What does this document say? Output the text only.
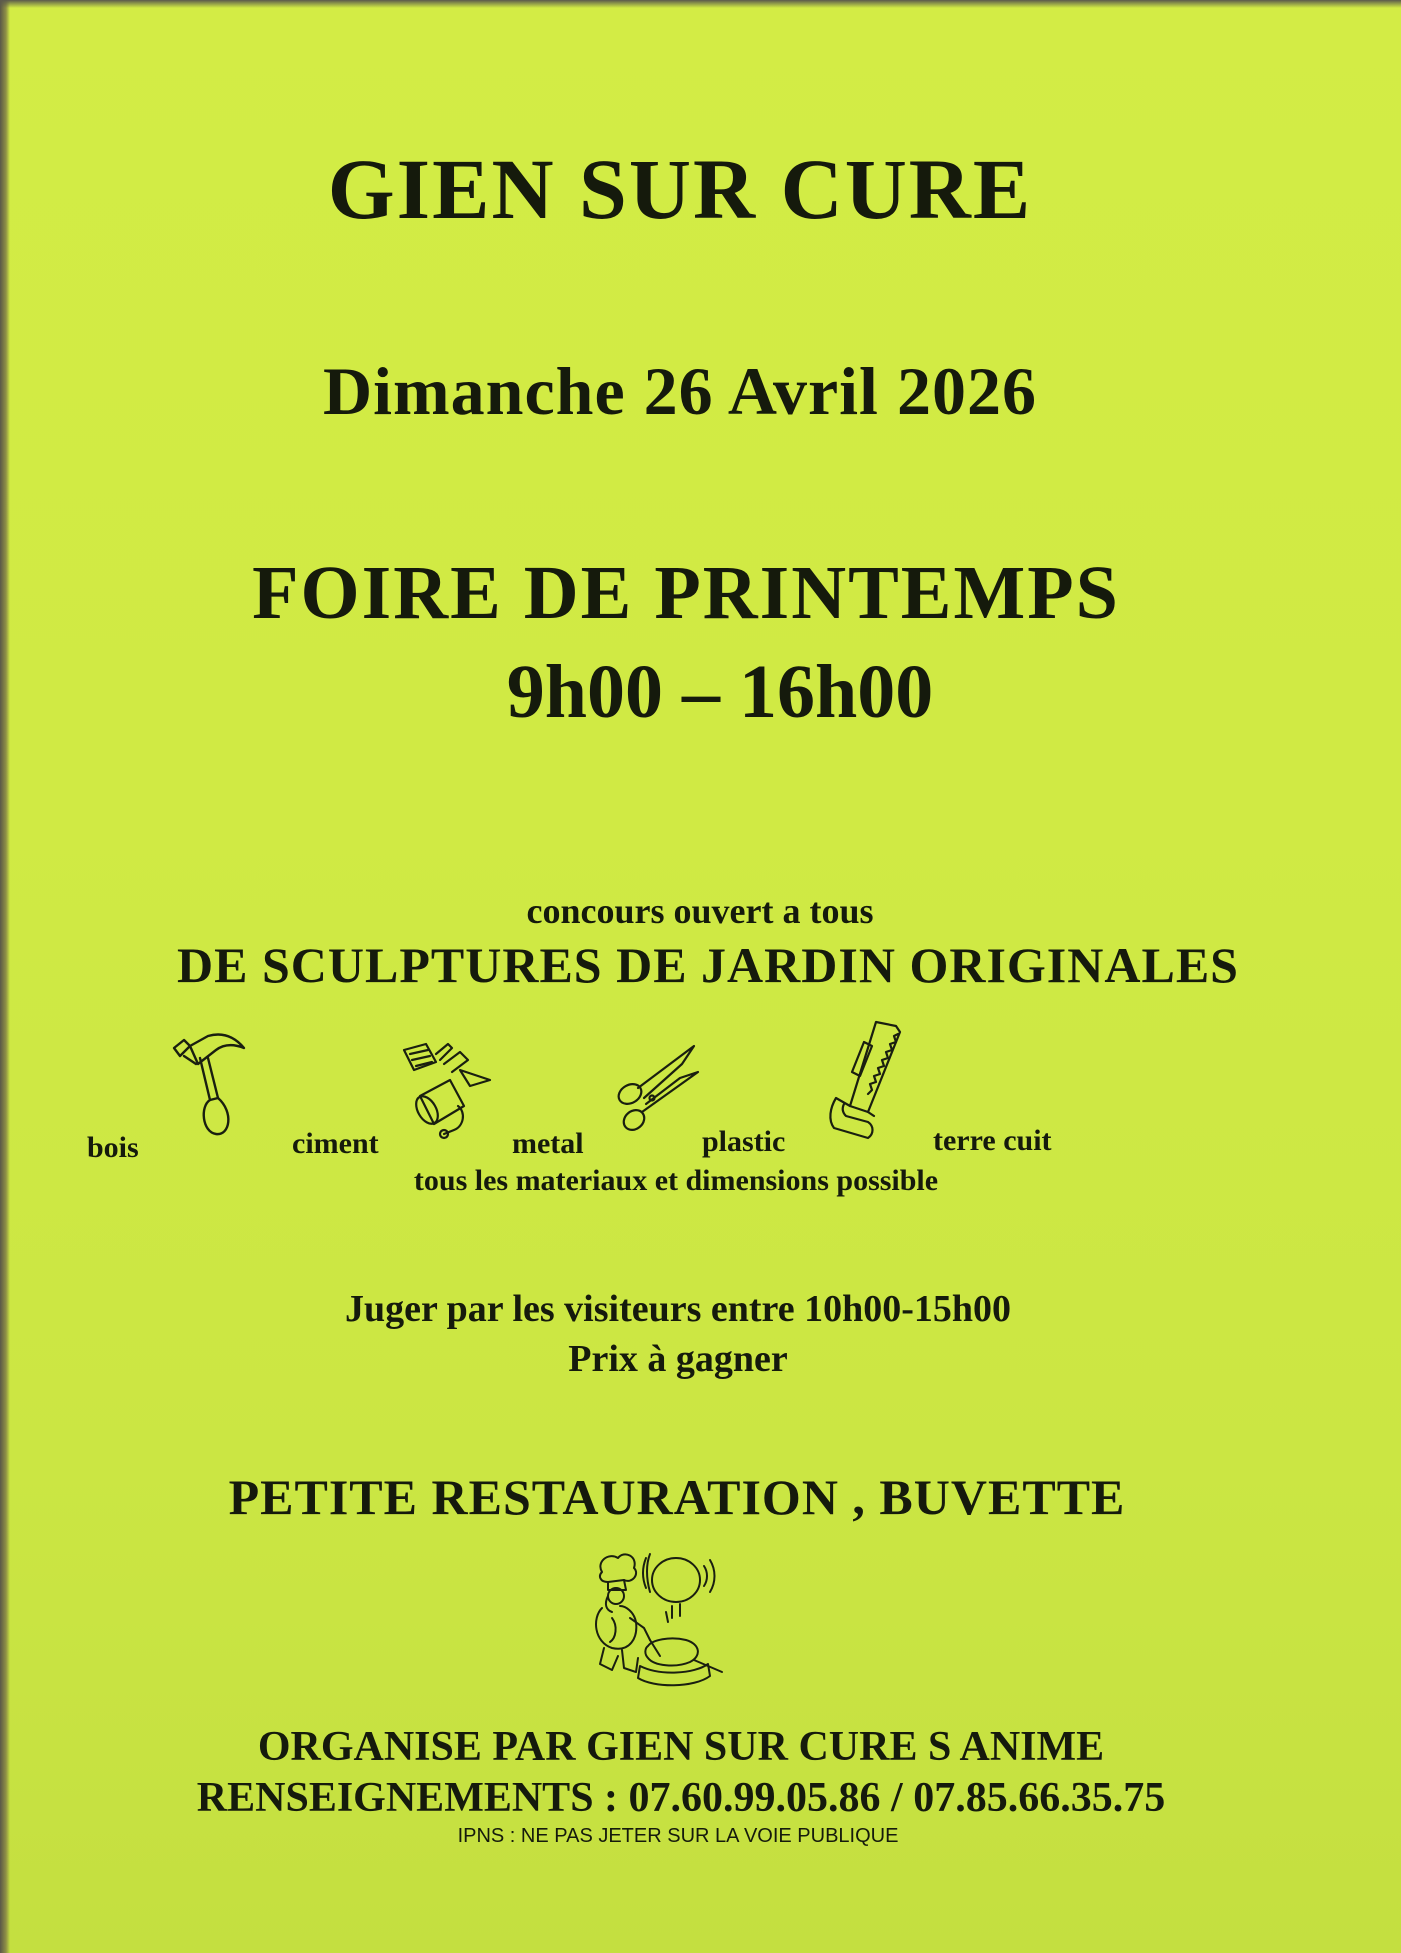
GIEN SUR CURE
Dimanche 26 Avril 2026
FOIRE DE PRINTEMPS
9h00 – 16h00
concours ouvert a tous
DE SCULPTURES DE JARDIN ORIGINALES
bois	ciment	metal	plastic	terre cuit
tous les materiaux et dimensions possible
Juger par les visiteurs entre 10h00-15h00
Prix à gagner
PETITE RESTAURATION , BUVETTE
ORGANISE PAR GIEN SUR CURE S ANIME
RENSEIGNEMENTS : 07.60.99.05.86 / 07.85.66.35.75
IPNS : NE PAS JETER SUR LA VOIE PUBLIQUE
